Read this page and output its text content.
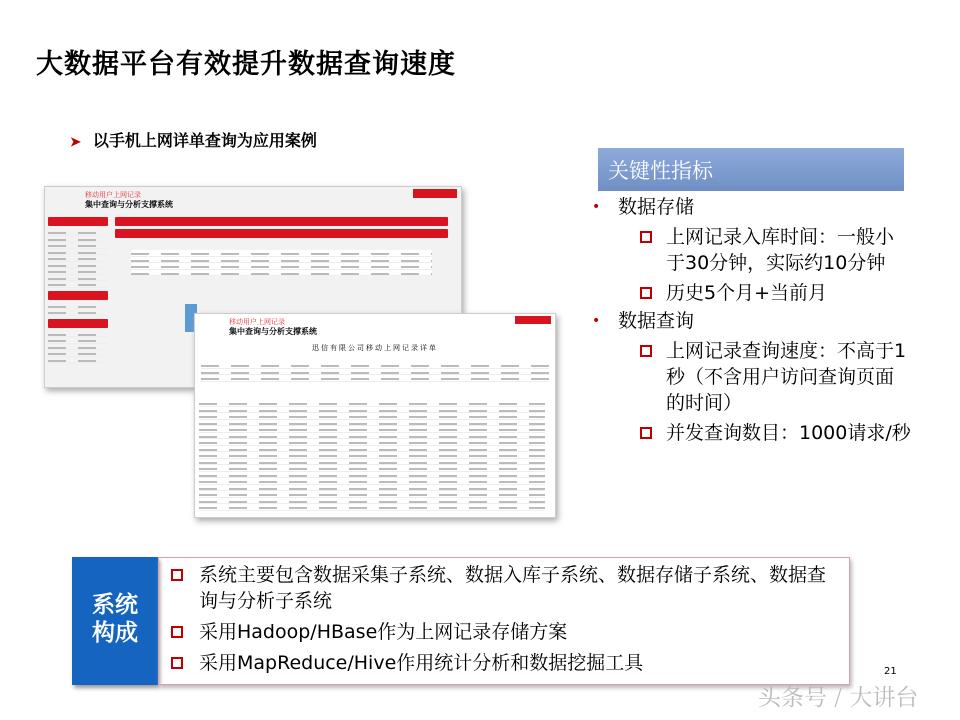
大数据平台有效提升数据查询速度
➤ 以手机上网详单查询为应用案例
移动用户上网记录
集中查询与分析支撑系统
移动用户上网记录
集中查询与分析支撑系统
迅信有限公司移动上网记录详单
关键性指标
• 数据存储
上网记录入库时间：一般小于30分钟，实际约10分钟
历史5个月+当前月
• 数据查询
上网记录查询速度：不高于1秒（不含用户访问查询页面的时间）
并发查询数目：1000请求/秒
系统构成
系统主要包含数据采集子系统、数据入库子系统、数据存储子系统、数据查询与分析子系统
采用Hadoop/HBase作为上网记录存储方案
采用MapReduce/Hive作用统计分析和数据挖掘工具	21
头条号 / 大讲台
